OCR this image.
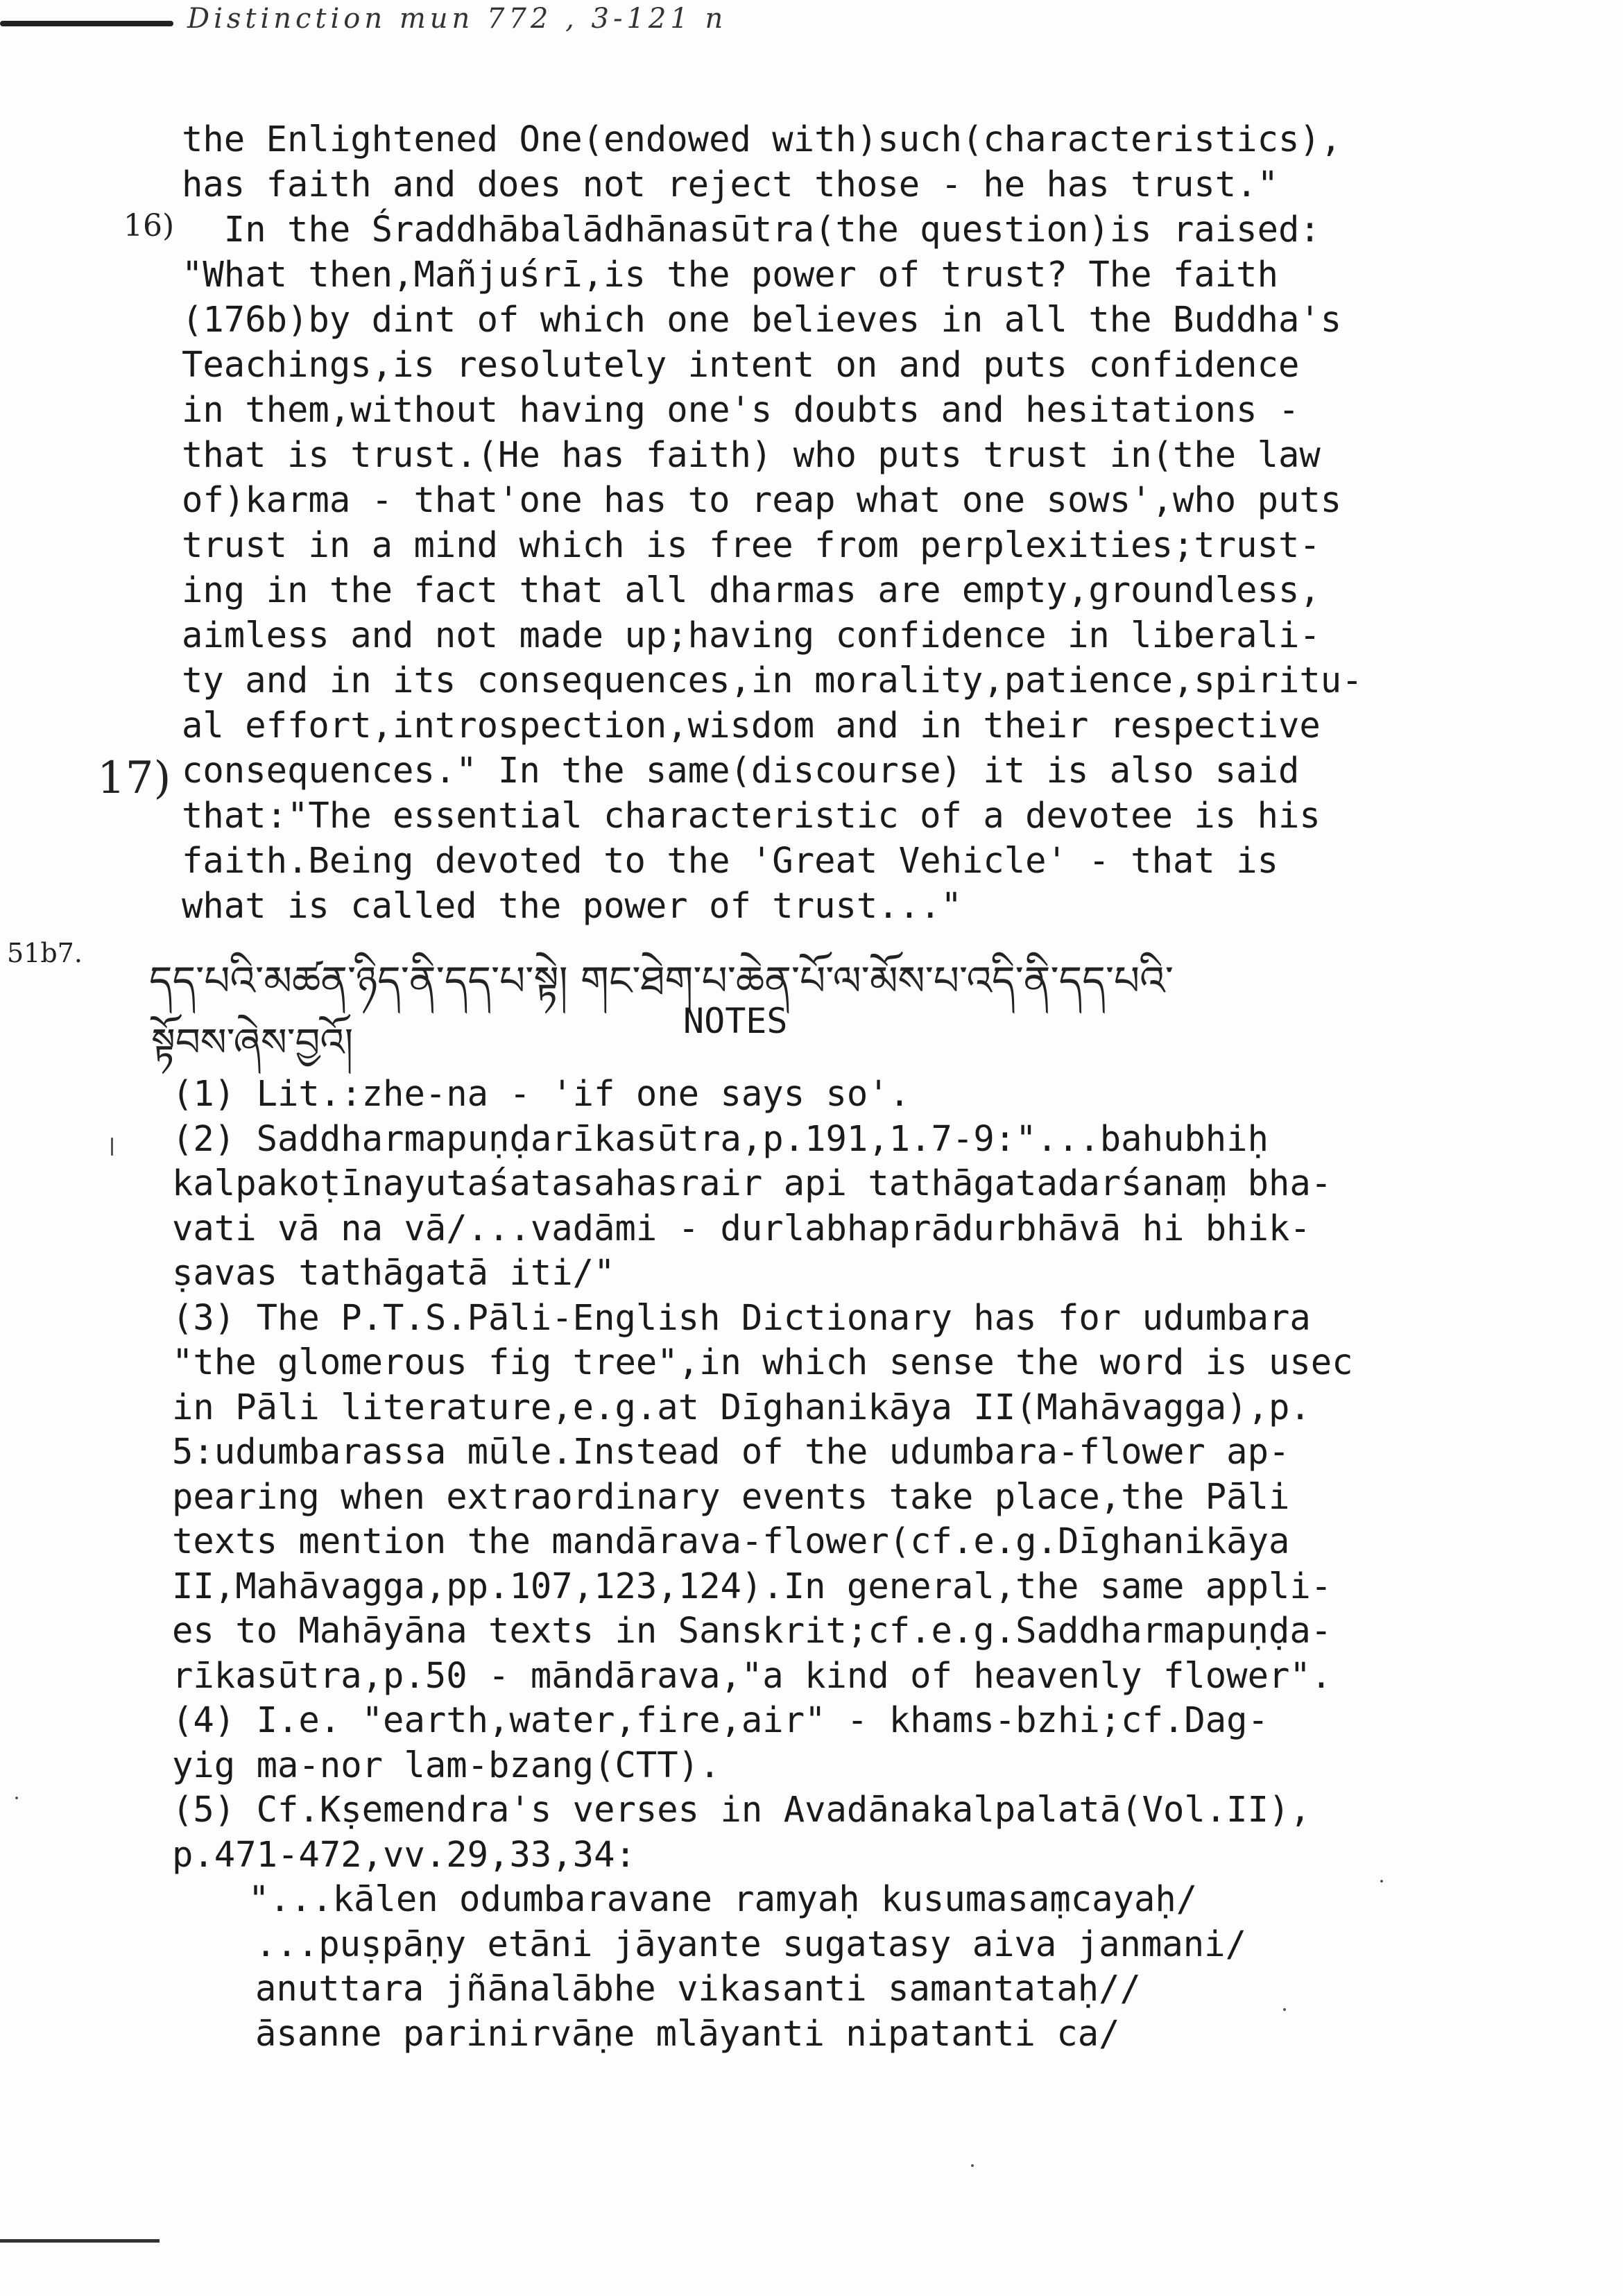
Distinction mun 772 , 3-121 n
16)
17)
51b7.
the Enlightened One(endowed with)such(characteristics),
has faith and does not reject those - he has trust."
In the Śraddhābalādhānasūtra(the question)is raised:
"What then,Mañjuśrī,is the power of trust? The faith
(176b)by dint of which one believes in all the Buddha's
Teachings,is resolutely intent on and puts confidence
in them,without having one's doubts and hesitations -
that is trust.(He has faith) who puts trust in(the law
of)karma - that'one has to reap what one sows',who puts
trust in a mind which is free from perplexities;trust-
ing in the fact that all dharmas are empty,groundless,
aimless and not made up;having confidence in liberali-
ty and in its consequences,in morality,patience,spiritu-
al effort,introspection,wisdom and in their respective
consequences." In the same(discourse) it is also said
that:"The essential characteristic of a devotee is his
faith.Being devoted to the 'Great Vehicle' - that is
what is called the power of trust..."
དད་པའི་མཚན་ཉིད་ནི་དད་པ་སྟེ། གང་ཐེག་པ་ཆེན་པོ་ལ་མོས་པ་འདི་ནི་དད་པའི་
སྟོབས་ཞེས་བྱའོ།	NOTES
(1) Lit.:zhe-na - 'if one says so'.
(2) Saddharmapuṇḍarīkasūtra,p.191,1.7-9:"...bahubhiḥ
kalpakoṭīnayutaśatasahasrair api tathāgatadarśanaṃ bha-
vati vā na vā/...vadāmi - durlabhaprādurbhāvā hi bhik-
ṣavas tathāgatā iti/"
(3) The P.T.S.Pāli-English Dictionary has for udumbara
"the glomerous fig tree",in which sense the word is usec
in Pāli literature,e.g.at Dīghanikāya II(Mahāvagga),p.
5:udumbarassa mūle.Instead of the udumbara-flower ap-
pearing when extraordinary events take place,the Pāli
texts mention the mandārava-flower(cf.e.g.Dīghanikāya
II,Mahāvagga,pp.107,123,124).In general,the same appli-
es to Mahāyāna texts in Sanskrit;cf.e.g.Saddharmapuṇḍa-
rīkasūtra,p.50 - māndārava,"a kind of heavenly flower".
(4) I.e. "earth,water,fire,air" - khams-bzhi;cf.Dag-
yig ma-nor lam-bzang(CTT).
(5) Cf.Kṣemendra's verses in Avadānakalpalatā(Vol.II),
p.471-472,vv.29,33,34:
"...kālen odumbaravane ramyaḥ kusumasaṃcayaḥ/
...puṣpāṇy etāni jāyante sugatasy aiva janmani/
anuttara jñānalābhe vikasanti samantataḥ//
āsanne parinirvāṇe mlāyanti nipatanti ca/
